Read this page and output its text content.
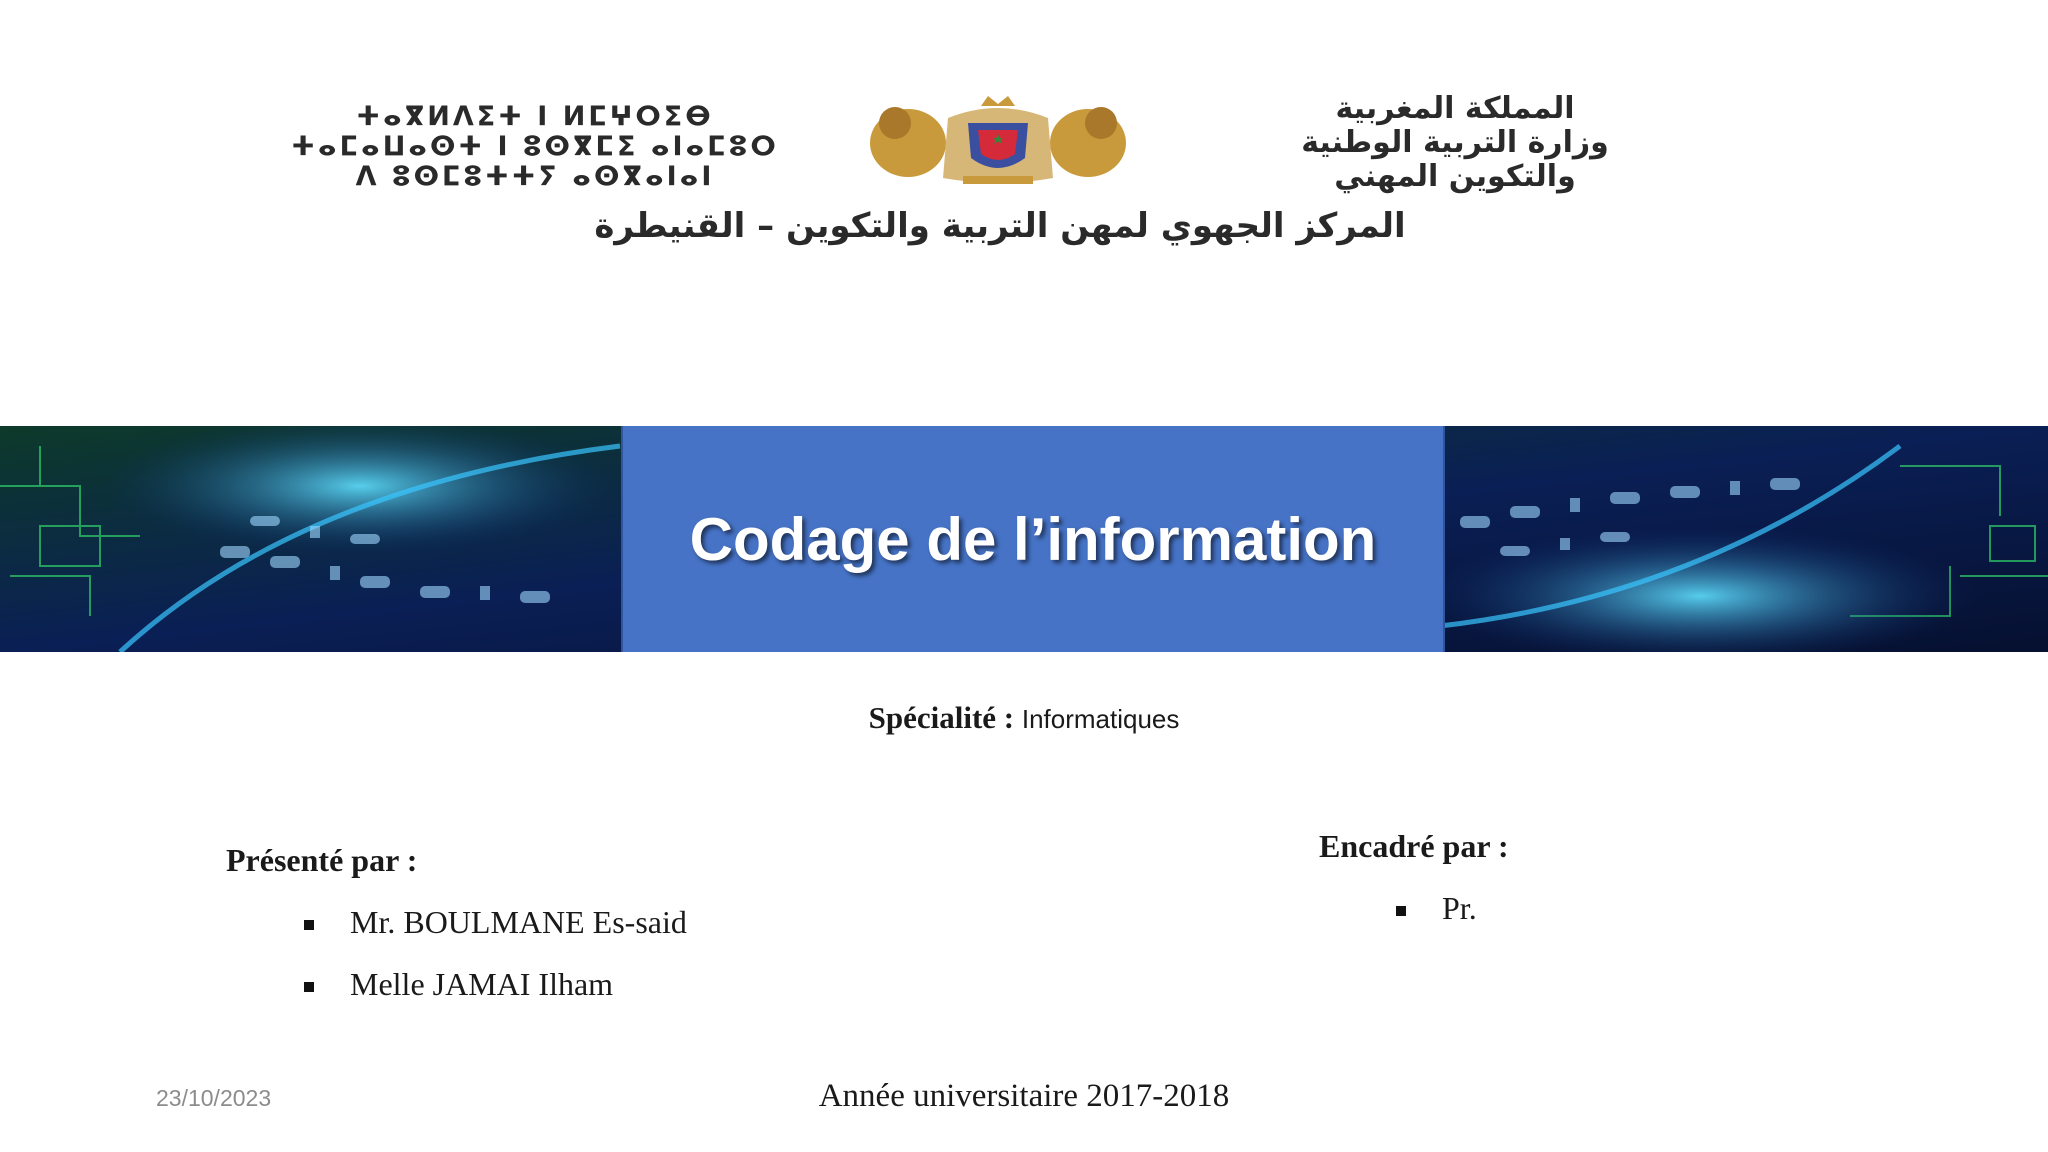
ⵜⴰⴳⵍⴷⵉⵜ ⵏ ⵍⵎⵖⵔⵉⴱ
ⵜⴰⵎⴰⵡⴰⵙⵜ ⵏ ⵓⵙⴳⵎⵉ ⴰⵏⴰⵎⵓⵔ
ⴷ ⵓⵙⵎⵓⵜⵜⵢ ⴰⵙⴳⴰⵏⴰⵏ
المملكة المغربية
وزارة التربية الوطنية
والتكوين المهني
المركز الجهوي لمهن التربية والتكوين – القنيطرة
Codage de l’information
Spécialité : Informatiques
Présenté par :
Mr. BOULMANE Es-said
Melle JAMAI Ilham
Encadré par :
Pr.
23/10/2023	Année universitaire 2017-2018
